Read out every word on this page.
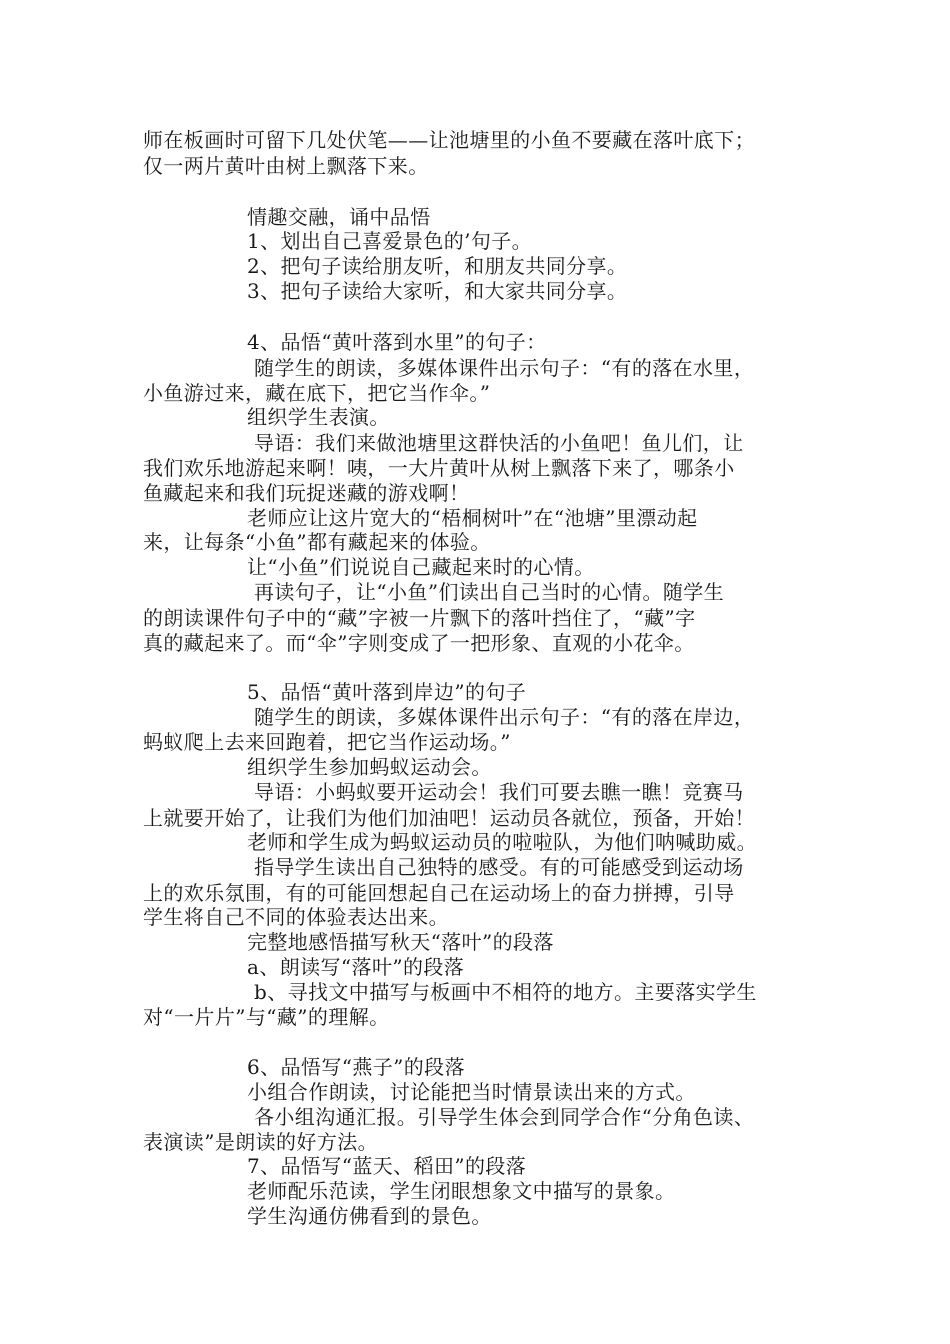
师在板画时可留下几处伏笔——让池塘里的小鱼不要藏在落叶底下；
仅一两片黄叶由树上飘落下来。
情趣交融，诵中品悟
1、划出自己喜爱景色的’句子。
2、把句子读给朋友听，和朋友共同分享。
3、把句子读给大家听，和大家共同分享。
4、品悟“黄叶落到水里”的句子：
随学生的朗读，多媒体课件出示句子：“有的落在水里，
小鱼游过来，藏在底下，把它当作伞。”
组织学生表演。
导语：我们来做池塘里这群快活的小鱼吧！鱼儿们，让
我们欢乐地游起来啊！咦，一大片黄叶从树上飘落下来了，哪条小
鱼藏起来和我们玩捉迷藏的游戏啊！
老师应让这片宽大的“梧桐树叶”在“池塘”里漂动起
来，让每条“小鱼”都有藏起来的体验。
让“小鱼”们说说自己藏起来时的心情。
再读句子，让“小鱼”们读出自己当时的心情。随学生
的朗读课件句子中的“藏”字被一片飘下的落叶挡住了，“藏”字
真的藏起来了。而“伞”字则变成了一把形象、直观的小花伞。
5、品悟“黄叶落到岸边”的句子
随学生的朗读，多媒体课件出示句子：“有的落在岸边，
蚂蚁爬上去来回跑着，把它当作运动场。”
组织学生参加蚂蚁运动会。
导语：小蚂蚁要开运动会！我们可要去瞧一瞧！竞赛马
上就要开始了，让我们为他们加油吧！运动员各就位，预备，开始！
老师和学生成为蚂蚁运动员的啦啦队，为他们呐喊助威。
指导学生读出自己独特的感受。有的可能感受到运动场
上的欢乐氛围，有的可能回想起自己在运动场上的奋力拼搏，引导
学生将自己不同的体验表达出来。
完整地感悟描写秋天“落叶”的段落
a、朗读写“落叶”的段落
b、寻找文中描写与板画中不相符的地方。主要落实学生
对“一片片”与“藏”的理解。
6、品悟写“燕子”的段落
小组合作朗读，讨论能把当时情景读出来的方式。
各小组沟通汇报。引导学生体会到同学合作“分角色读、
表演读”是朗读的好方法。
7、品悟写“蓝天、稻田”的段落
老师配乐范读，学生闭眼想象文中描写的景象。
学生沟通仿佛看到的景色。
